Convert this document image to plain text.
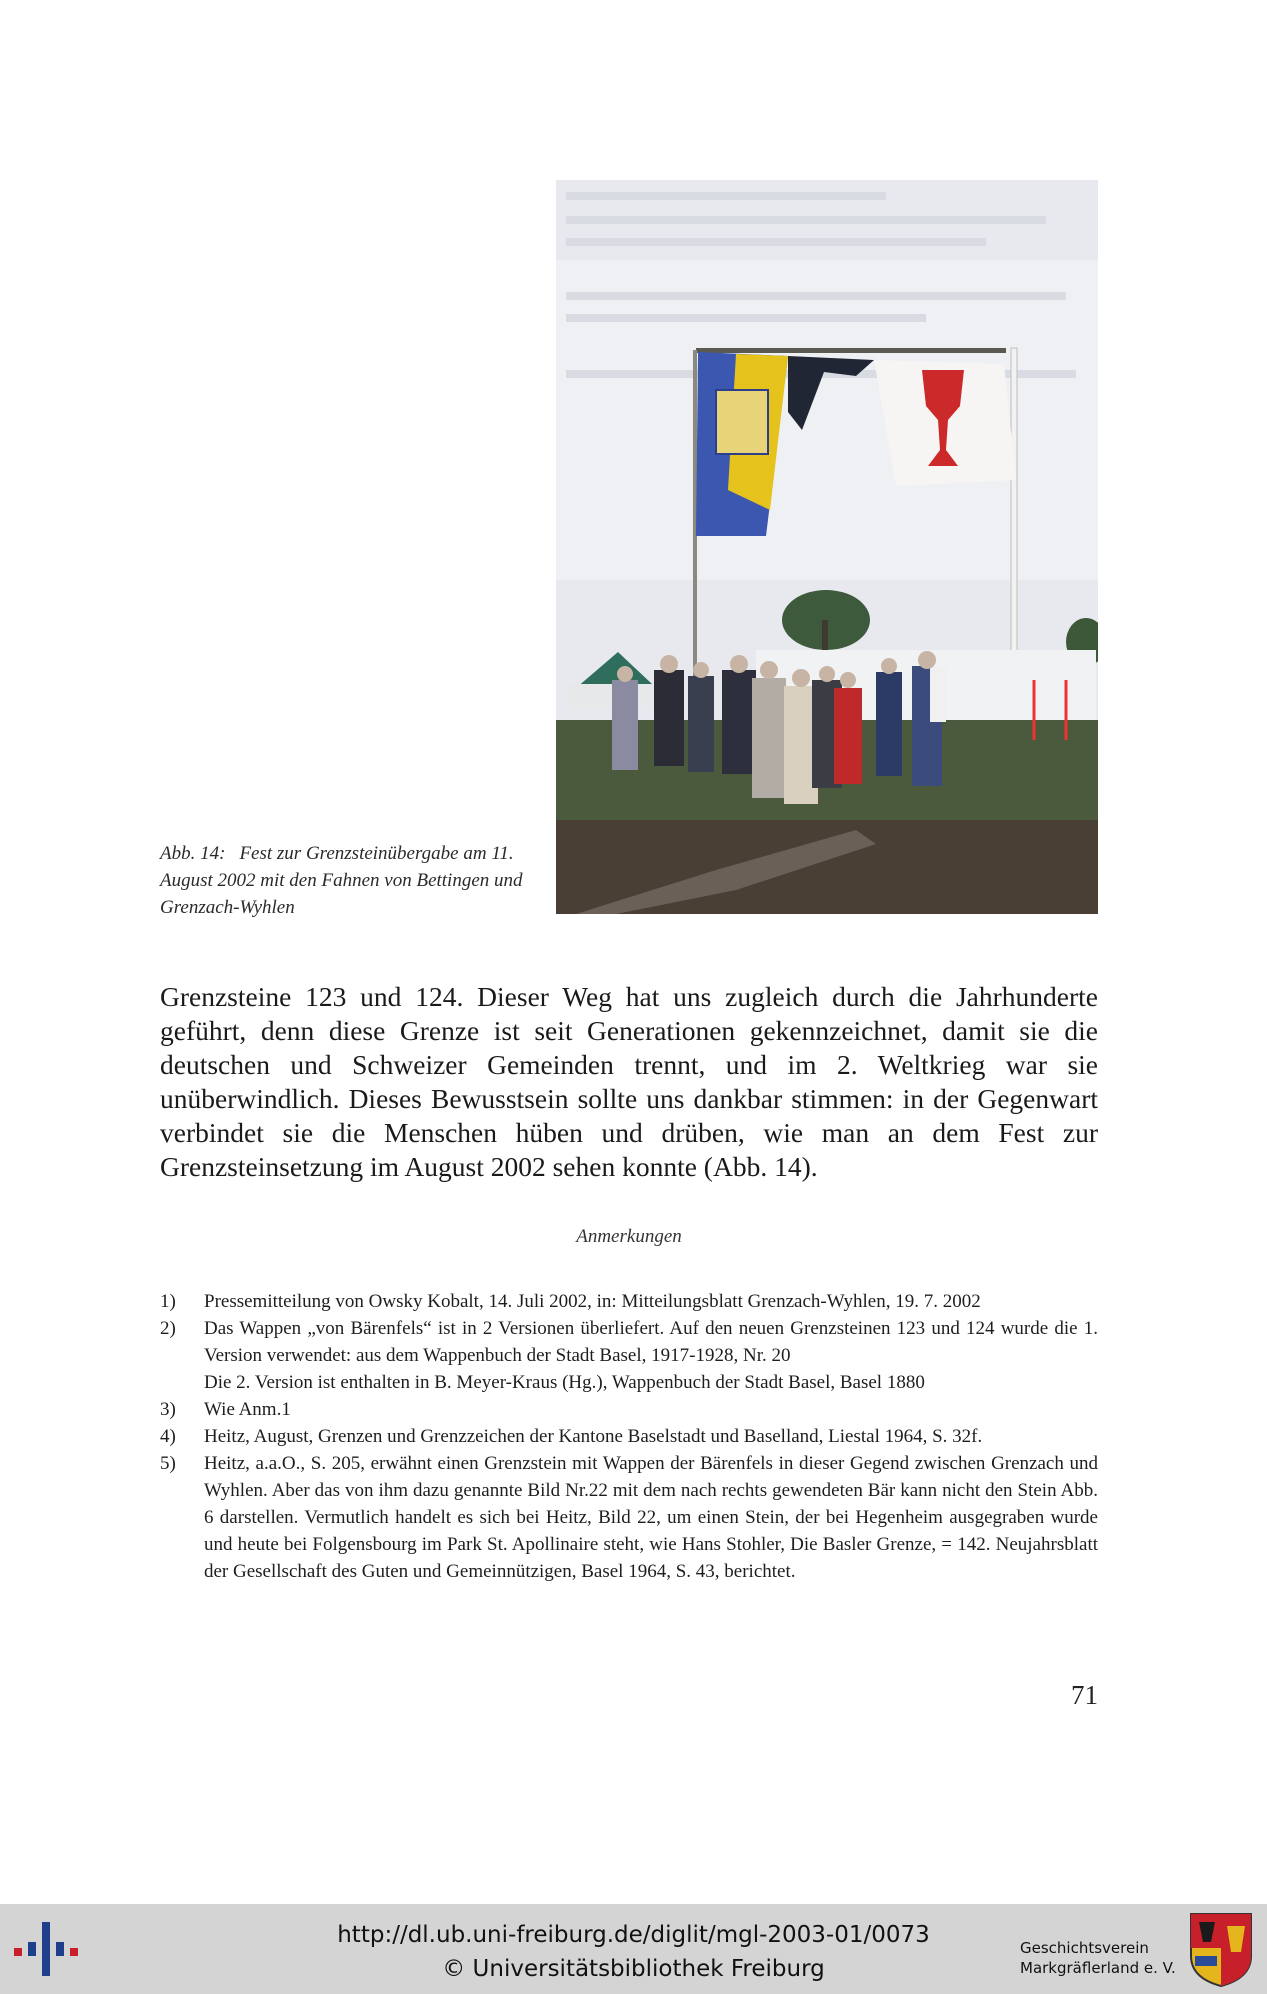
Abb. 14: Fest zur Grenzsteinübergabe am 11. August 2002 mit den Fahnen von Bettingen und Grenzach-Wyhlen

Grenzsteine 123 und 124. Dieser Weg hat uns zugleich durch die Jahrhunderte geführt, denn diese Grenze ist seit Generationen gekennzeichnet, damit sie die deutschen und Schweizer Gemeinden trennt, und im 2. Weltkrieg war sie unüberwindlich. Dieses Bewusstsein sollte uns dankbar stimmen: in der Gegenwart verbindet sie die Menschen hüben und drüben, wie man an dem Fest zur Grenzsteinsetzung im August 2002 sehen konnte (Abb. 14).

Anmerkungen
1) Pressemitteilung von Owsky Kobalt, 14. Juli 2002, in: Mitteilungsblatt Grenzach-Wyhlen, 19. 7. 2002
2) Das Wappen „von Bärenfels“ ist in 2 Versionen überliefert. Auf den neuen Grenzsteinen 123 und 124 wurde die 1. Version verwendet: aus dem Wappenbuch der Stadt Basel, 1917-1928, Nr. 20
Die 2. Version ist enthalten in B. Meyer-Kraus (Hg.), Wappenbuch der Stadt Basel, Basel 1880
3) Wie Anm.1
4) Heitz, August, Grenzen und Grenzzeichen der Kantone Baselstadt und Baselland, Liestal 1964, S. 32f.
5) Heitz, a.a.O., S. 205, erwähnt einen Grenzstein mit Wappen der Bärenfels in dieser Gegend zwischen Grenzach und Wyhlen. Aber das von ihm dazu genannte Bild Nr.22 mit dem nach rechts gewendeten Bär kann nicht den Stein Abb. 6 darstellen. Vermutlich handelt es sich bei Heitz, Bild 22, um einen Stein, der bei Hegenheim ausgegraben wurde und heute bei Folgensbourg im Park St. Apollinaire steht, wie Hans Stohler, Die Basler Grenze, = 142. Neujahrsblatt der Gesellschaft des Guten und Gemeinnützigen, Basel 1964, S. 43, berichtet.
71
http://dl.ub.uni-freiburg.de/diglit/mgl-2003-01/0073
© Universitätsbibliothek Freiburg
Geschichtsverein
Markgräflerland e. V.
